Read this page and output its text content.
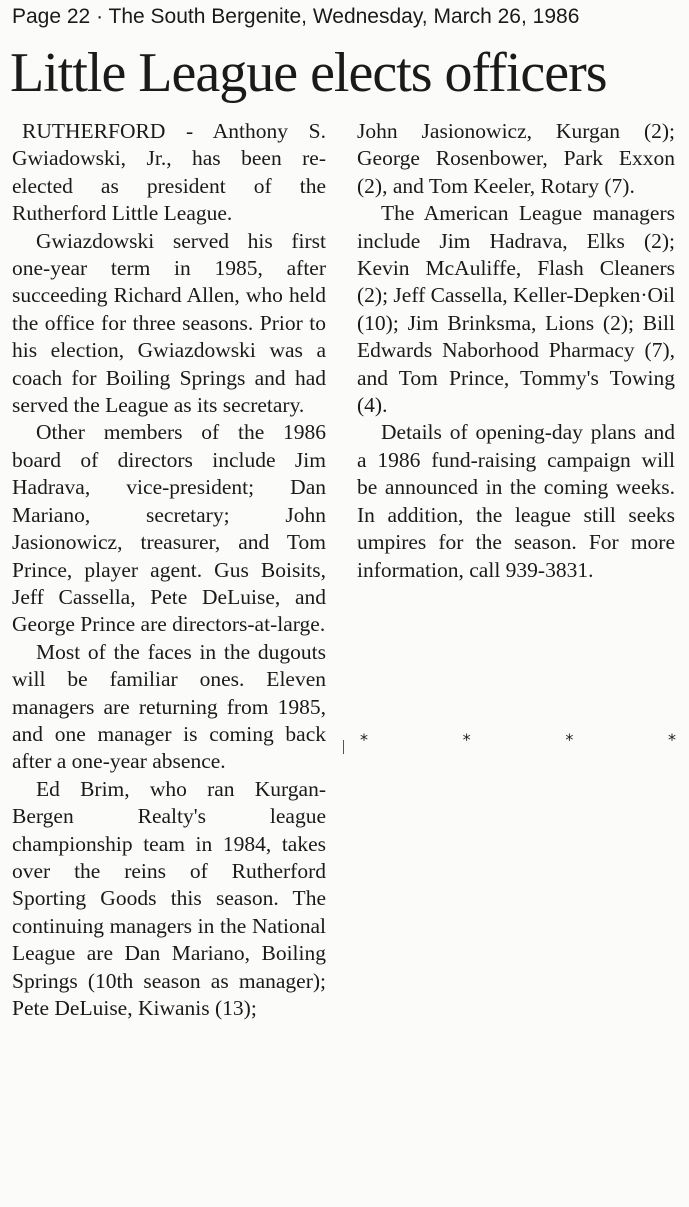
Page 22 · The South Bergenite, Wednesday, March 26, 1986
Little League elects officers

RUTHERFORD - Anthony S. Gwiadowski, Jr., has been re-elected as president of the Rutherford Little League.

Gwiazdowski served his first one-year term in 1985, after succeeding Richard Allen, who held the office for three seasons. Prior to his election, Gwiazdowski was a coach for Boiling Springs and had served the League as its secretary.

Other members of the 1986 board of directors include Jim Hadrava, vice-president; Dan Mariano, secretary; John Jasionowicz, treasurer, and Tom Prince, player agent. Gus Boisits, Jeff Cassella, Pete DeLuise, and George Prince are directors-at-large.

Most of the faces in the dugouts will be familiar ones. Eleven managers are returning from 1985, and one manager is coming back after a one-year absence.

Ed Brim, who ran Kurgan-Bergen Realty's league championship team in 1984, takes over the reins of Rutherford Sporting Goods this season. The continuing managers in the National League are Dan Mariano, Boiling Springs (10th season as manager); Pete DeLuise, Kiwanis (13);

John Jasionowicz, Kurgan (2); George Rosenbower, Park Exxon (2), and Tom Keeler, Rotary (7).

The American League managers include Jim Hadrava, Elks (2); Kevin McAuliffe, Flash Cleaners (2); Jeff Cassella, Keller-Depken·Oil (10); Jim Brinksma, Lions (2); Bill Edwards Naborhood Pharmacy (7), and Tom Prince, Tommy's Towing (4).

Details of opening-day plans and a 1986 fund-raising campaign will be announced in the coming weeks. In addition, the league still seeks umpires for the season. For more information, call 939-3831.

*	*	*	*
